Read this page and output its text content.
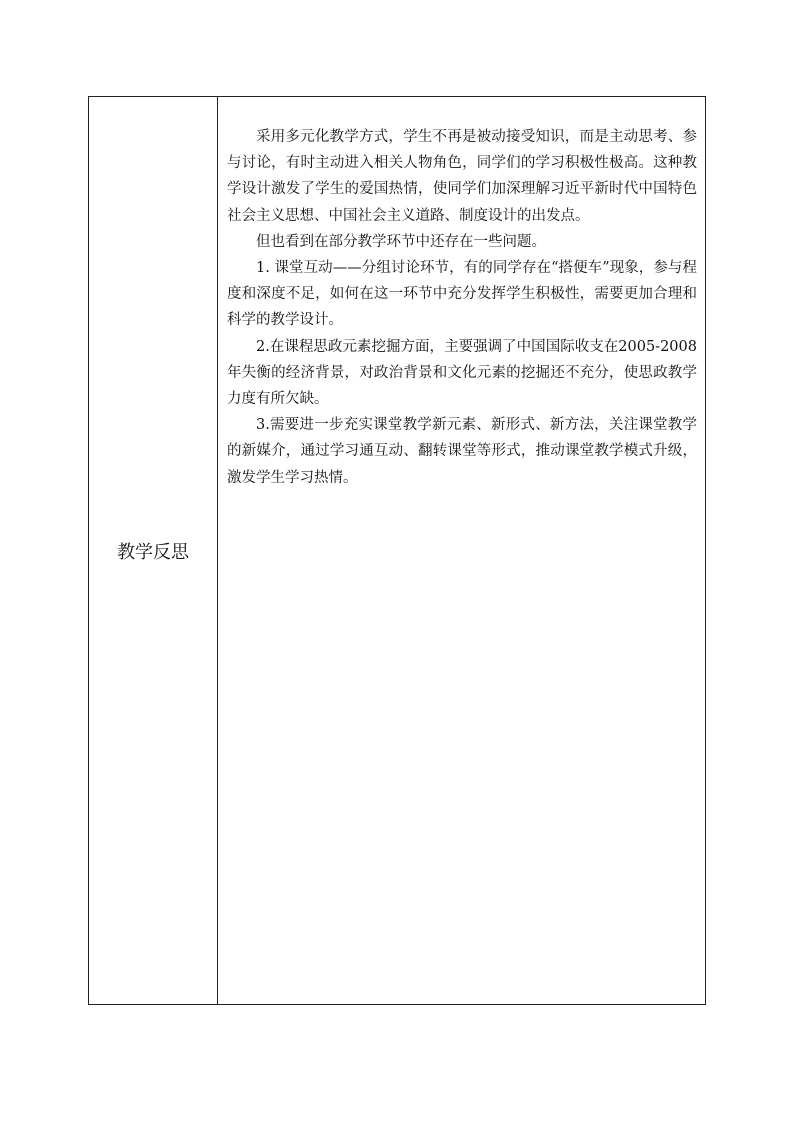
教学反思

采用多元化教学方式，学生不再是被动接受知识，而是主动思考、参与讨论，有时主动进入相关人物角色，同学们的学习积极性极高。这种教学设计激发了学生的爱国热情，使同学们加深理解习近平新时代中国特色社会主义思想、中国社会主义道路、制度设计的出发点。

但也看到在部分教学环节中还存在一些问题。

1. 课堂互动——分组讨论环节，有的同学存在“搭便车”现象，参与程度和深度不足，如何在这一环节中充分发挥学生积极性，需要更加合理和科学的教学设计。

2.在课程思政元素挖掘方面，主要强调了中国国际收支在2005-2008年失衡的经济背景，对政治背景和文化元素的挖掘还不充分，使思政教学力度有所欠缺。

3.需要进一步充实课堂教学新元素、新形式、新方法，关注课堂教学的新媒介，通过学习通互动、翻转课堂等形式，推动课堂教学模式升级，激发学生学习热情。
